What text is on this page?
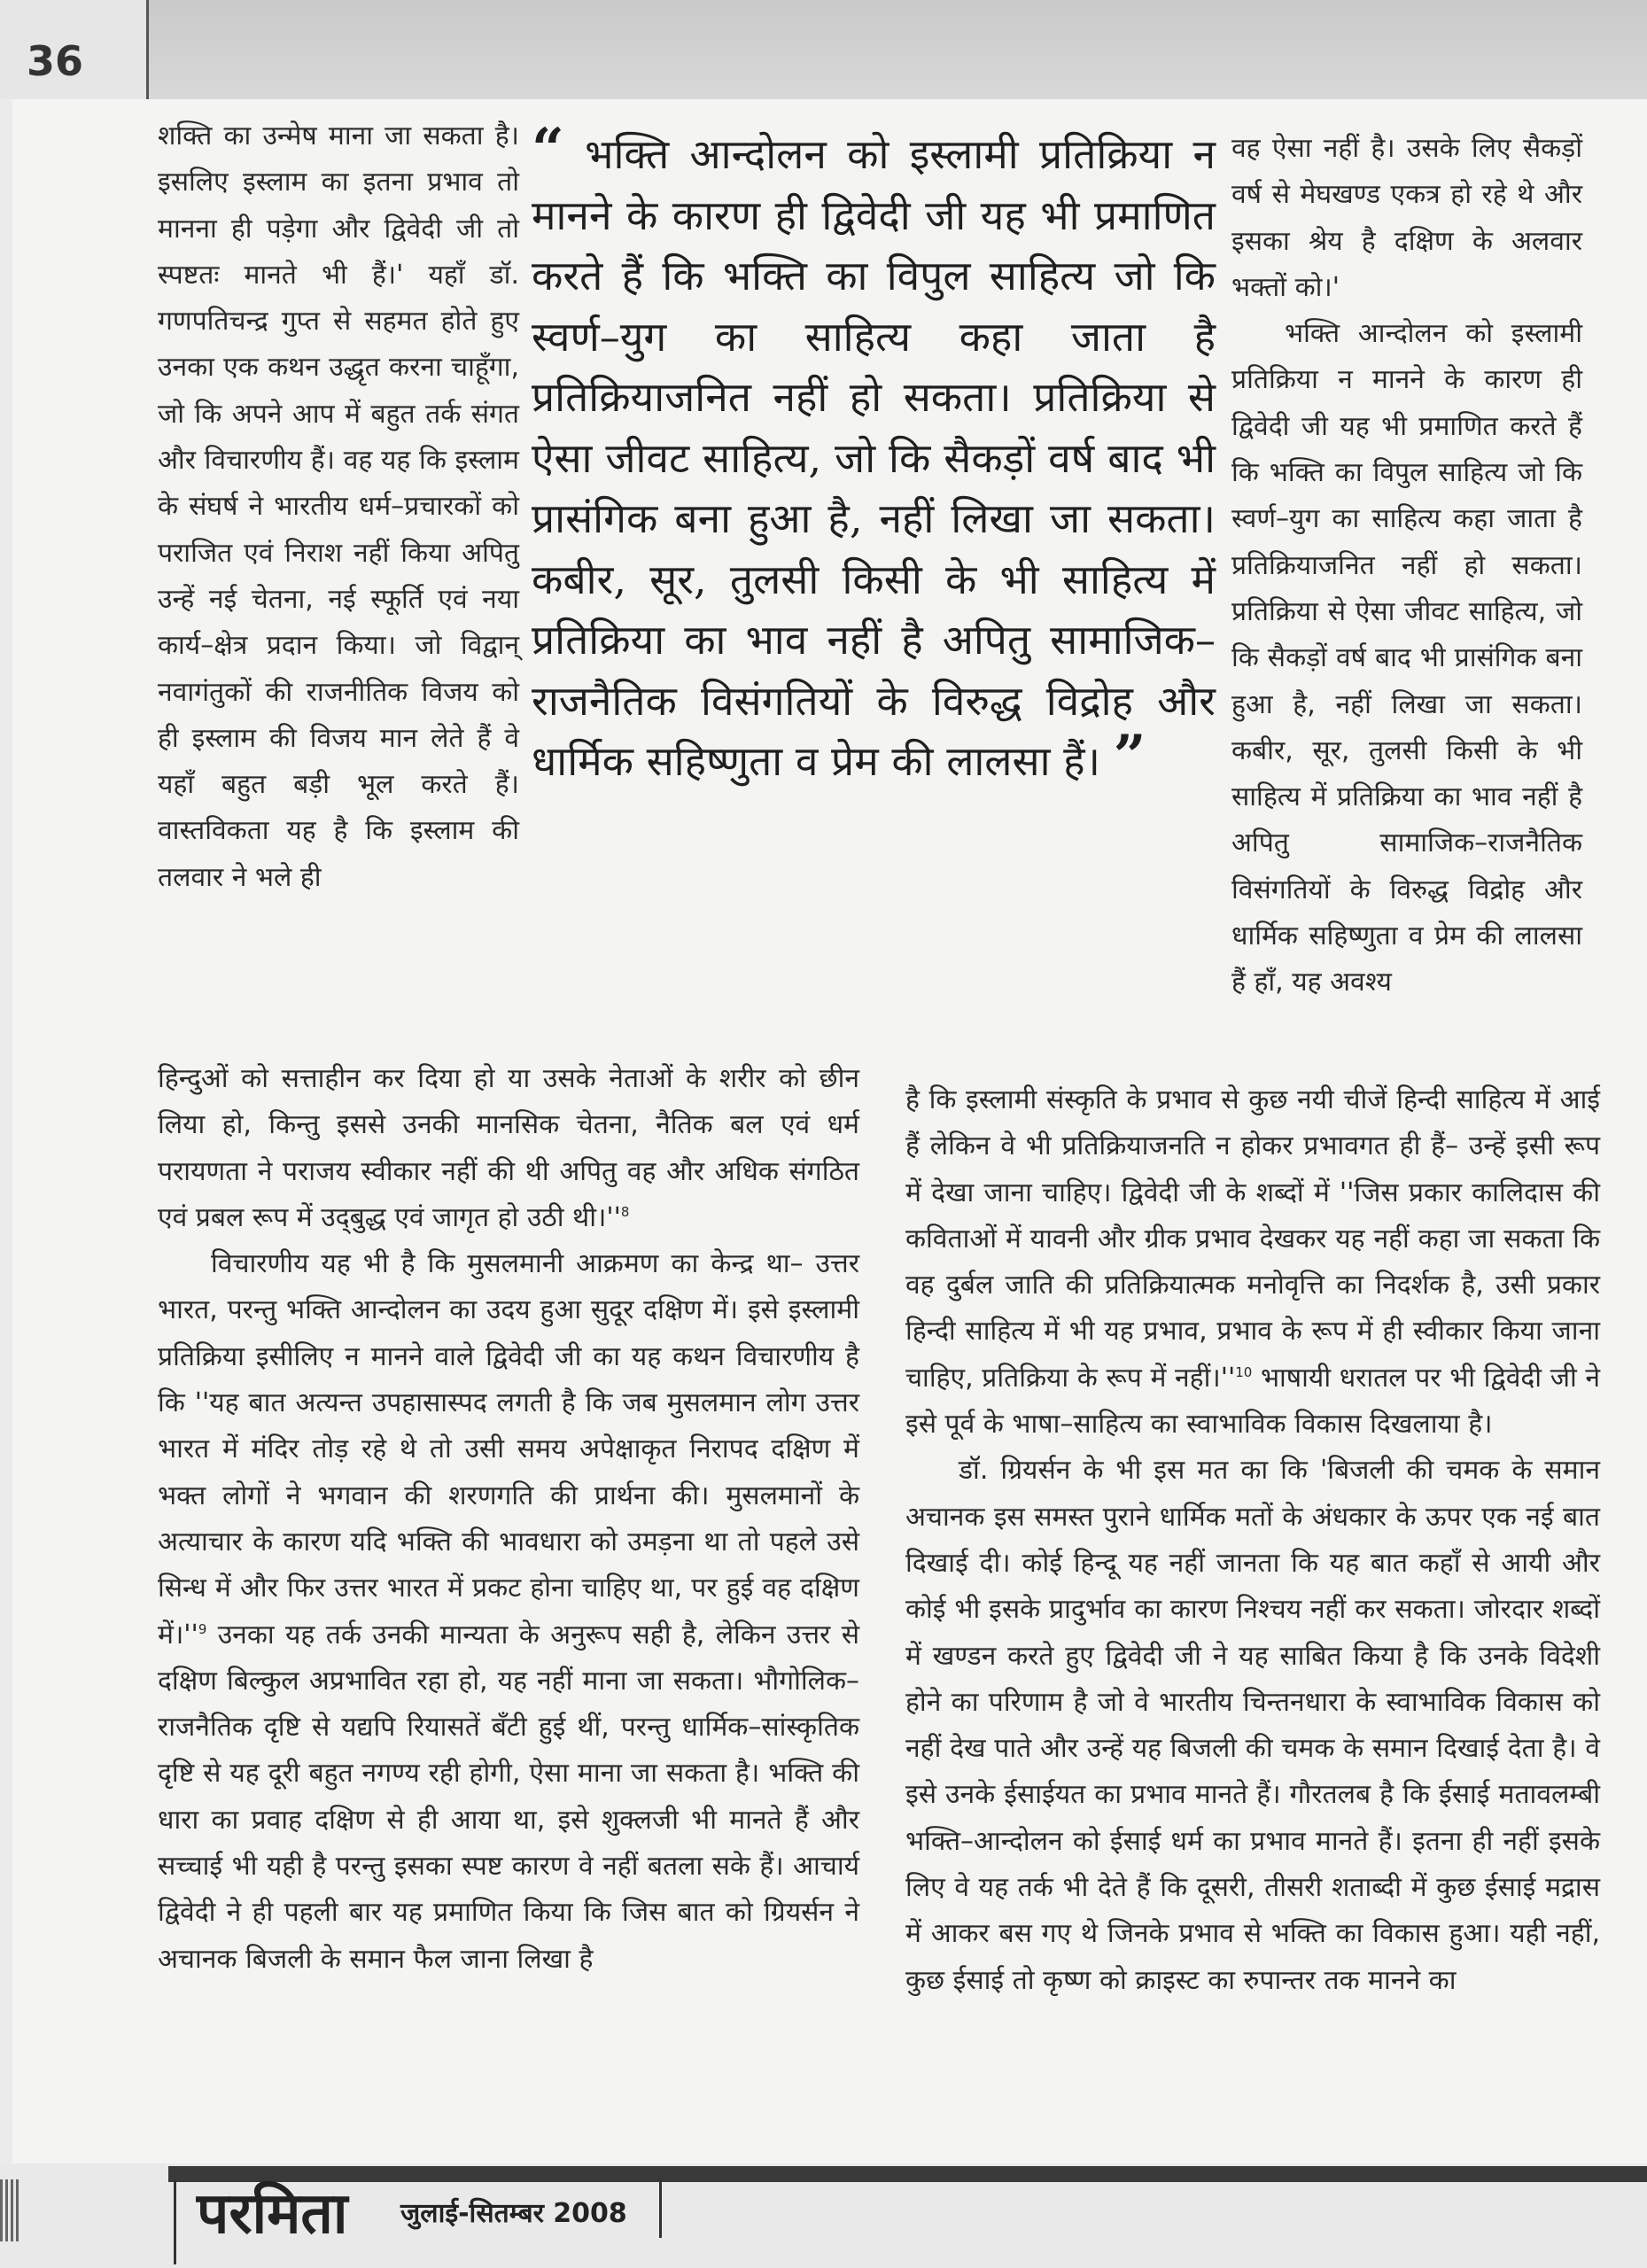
36

शक्ति का उन्मेष माना जा सकता है। इसलिए इस्लाम का इतना प्रभाव तो मानना ही पड़ेगा और द्विवेदी जी तो स्पष्टतः मानते भी हैं।' यहाँ डॉ. गणपतिचन्द्र गुप्त से सहमत होते हुए उनका एक कथन उद्धृत करना चाहूँगा, जो कि अपने आप में बहुत तर्क संगत और विचारणीय हैं। वह यह कि इस्लाम के संघर्ष ने भारतीय धर्म–प्रचारकों को पराजित एवं निराश नहीं किया अपितु उन्हें नई चेतना, नई स्फूर्ति एवं नया कार्य–क्षेत्र प्रदान किया। जो विद्वान् नवागंतुकों की राजनीतिक विजय को ही इस्लाम की विजय मान लेते हैं वे यहाँ बहुत बड़ी भूल करते हैं। वास्तविकता यह है कि इस्लाम की तलवार ने भले ही

“ भक्ति आन्दोलन को इस्लामी प्रतिक्रिया न मानने के कारण ही द्विवेदी जी यह भी प्रमाणित करते हैं कि भक्ति का विपुल साहित्य जो कि स्वर्ण–युग का साहित्य कहा जाता है प्रतिक्रियाजनित नहीं हो सकता। प्रतिक्रिया से ऐसा जीवट साहित्य, जो कि सैकड़ों वर्ष बाद भी प्रासंगिक बना हुआ है, नहीं लिखा जा सकता। कबीर, सूर, तुलसी किसी के भी साहित्य में प्रतिक्रिया का भाव नहीं है अपितु सामाजिक–राजनैतिक विसंगतियों के विरुद्ध विद्रोह और धार्मिक सहिष्णुता व प्रेम की लालसा हैं। ”

वह ऐसा नहीं है। उसके लिए सैकड़ों वर्ष से मेघखण्ड एकत्र हो रहे थे और इसका श्रेय है दक्षिण के अलवार भक्तों को।'

भक्ति आन्दोलन को इस्लामी प्रतिक्रिया न मानने के कारण ही द्विवेदी जी यह भी प्रमाणित करते हैं कि भक्ति का विपुल साहित्य जो कि स्वर्ण–युग का साहित्य कहा जाता है प्रतिक्रियाजनित नहीं हो सकता। प्रतिक्रिया से ऐसा जीवट साहित्य, जो कि सैकड़ों वर्ष बाद भी प्रासंगिक बना हुआ है, नहीं लिखा जा सकता। कबीर, सूर, तुलसी किसी के भी साहित्य में प्रतिक्रिया का भाव नहीं है अपितु सामाजिक–राजनैतिक विसंगतियों के विरुद्ध विद्रोह और धार्मिक सहिष्णुता व प्रेम की लालसा हैं हाँ, यह अवश्य

हिन्दुओं को सत्ताहीन कर दिया हो या उसके नेताओं के शरीर को छीन लिया हो, किन्तु इससे उनकी मानसिक चेतना, नैतिक बल एवं धर्म परायणता ने पराजय स्वीकार नहीं की थी अपितु वह और अधिक संगठित एवं प्रबल रूप में उद्‌बुद्ध एवं जागृत हो उठी $थी।''^8$

विचारणीय यह भी है कि मुसलमानी आक्रमण का केन्द्र था– उत्तर भारत, परन्तु भक्ति आन्दोलन का उदय हुआ सुदूर दक्षिण में। इसे इस्लामी प्रतिक्रिया इसीलिए न मानने वाले द्विवेदी जी का यह कथन विचारणीय है कि ''यह बात अत्यन्त उपहासास्पद लगती है कि जब मुसलमान लोग उत्तर भारत में मंदिर तोड़ रहे थे तो उसी समय अपेक्षाकृत निरापद दक्षिण में भक्त लोगों ने भगवान की शरणगति की प्रार्थना की। मुसलमानों के अत्याचार के कारण यदि भक्ति की भावधारा को उमड़ना था तो पहले उसे सिन्ध में और फिर उत्तर भारत में प्रकट होना चाहिए था, पर हुई वह दक्षिण $में।''^9$ उनका यह तर्क उनकी मान्यता के अनुरूप सही है, लेकिन उत्तर से दक्षिण बिल्कुल अप्रभावित रहा हो, यह नहीं माना जा सकता। भौगोलिक–राजनैतिक दृष्टि से यद्यपि रियासतें बँटी हुई थीं, परन्तु धार्मिक–सांस्कृतिक दृष्टि से यह दूरी बहुत नगण्य रही होगी, ऐसा माना जा सकता है। भक्ति की धारा का प्रवाह दक्षिण से ही आया था, इसे शुक्लजी भी मानते हैं और सच्चाई भी यही है परन्तु इसका स्पष्ट कारण वे नहीं बतला सके हैं। आचार्य द्विवेदी ने ही पहली बार यह प्रमाणित किया कि जिस बात को ग्रियर्सन ने अचानक बिजली के समान फैल जाना लिखा है

है कि इस्लामी संस्कृति के प्रभाव से कुछ नयी चीजें हिन्दी साहित्य में आई हैं लेकिन वे भी प्रतिक्रियाजनति न होकर प्रभावगत ही हैं– उन्हें इसी रूप में देखा जाना चाहिए। द्विवेदी जी के शब्दों में ''जिस प्रकार कालिदास की कविताओं में यावनी और ग्रीक प्रभाव देखकर यह नहीं कहा जा सकता कि वह दुर्बल जाति की प्रतिक्रियात्मक मनोवृत्ति का निदर्शक है, उसी प्रकार हिन्दी साहित्य में भी यह प्रभाव, प्रभाव के रूप में ही स्वीकार किया जाना चाहिए, प्रतिक्रिया के रूप में $नहीं।''^{10}$ भाषायी धरातल पर भी द्विवेदी जी ने इसे पूर्व के भाषा–साहित्य का स्वाभाविक विकास दिखलाया है।

डॉ. ग्रियर्सन के भी इस मत का कि 'बिजली की चमक के समान अचानक इस समस्त पुराने धार्मिक मतों के अंधकार के ऊपर एक नई बात दिखाई दी। कोई हिन्दू यह नहीं जानता कि यह बात कहाँ से आयी और कोई भी इसके प्रादुर्भाव का कारण निश्चय नहीं कर सकता। जोरदार शब्दों में खण्डन करते हुए द्विवेदी जी ने यह साबित किया है कि उनके विदेशी होने का परिणाम है जो वे भारतीय चिन्तनधारा के स्वाभाविक विकास को नहीं देख पाते और उन्हें यह बिजली की चमक के समान दिखाई देता है। वे इसे उनके ईसाईयत का प्रभाव मानते हैं। गौरतलब है कि ईसाई मतावलम्बी भक्ति–आन्दोलन को ईसाई धर्म का प्रभाव मानते हैं। इतना ही नहीं इसके लिए वे यह तर्क भी देते हैं कि दूसरी, तीसरी शताब्दी में कुछ ईसाई मद्रास में आकर बस गए थे जिनके प्रभाव से भक्ति का विकास हुआ। यही नहीं, कुछ ईसाई तो कृष्ण को क्राइस्ट का रुपान्तर तक मानने का

परमिता जुलाई-सितम्बर 2008
